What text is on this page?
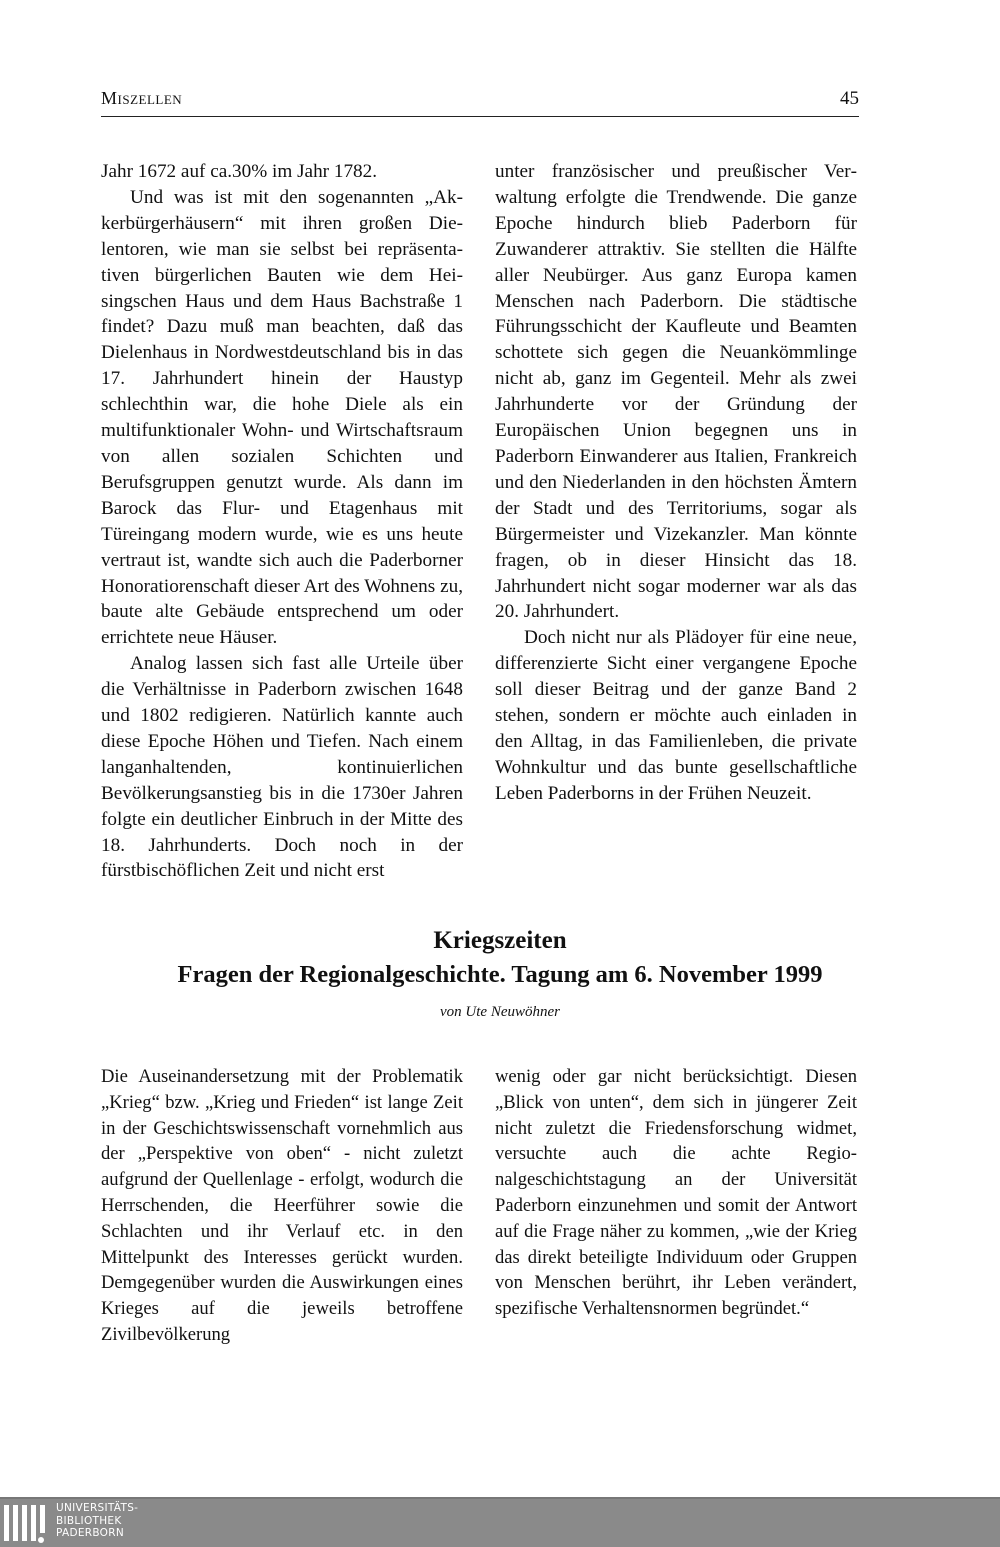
Miszellen	45

Jahr 1672 auf ca.30% im Jahr 1782.

Und was ist mit den sogenannten „Akkerbürgerhäusern“ mit ihren großen Dielentoren, wie man sie selbst bei repräsentativen bürgerlichen Bauten wie dem Heisingschen Haus und dem Haus Bachstraße 1 findet? Dazu muß man beachten, daß das Dielenhaus in Nordwestdeutschland bis in das 17. Jahrhundert hinein der Haustyp schlechthin war, die hohe Diele als ein multifunktionaler Wohn- und Wirtschaftsraum von allen sozialen Schichten und Berufsgruppen genutzt wurde. Als dann im Barock das Flur- und Etagenhaus mit Türeingang modern wurde, wie es uns heute vertraut ist, wandte sich auch die Paderborner Honoratiorenschaft dieser Art des Wohnens zu, baute alte Gebäude entsprechend um oder errichtete neue Häuser.

Analog lassen sich fast alle Urteile über die Verhältnisse in Paderborn zwischen 1648 und 1802 redigieren. Natürlich kannte auch diese Epoche Höhen und Tiefen. Nach einem langanhaltenden, kontinuierlichen Bevölkerungsanstieg bis in die 1730er Jahren folgte ein deutlicher Einbruch in der Mitte des 18. Jahrhunderts. Doch noch in der fürstbischöflichen Zeit und nicht erst

unter französischer und preußischer Verwaltung erfolgte die Trendwende. Die ganze Epoche hindurch blieb Paderborn für Zuwanderer attraktiv. Sie stellten die Hälfte aller Neubürger. Aus ganz Europa kamen Menschen nach Paderborn. Die städtische Führungsschicht der Kaufleute und Beamten schottete sich gegen die Neuankömmlinge nicht ab, ganz im Gegenteil. Mehr als zwei Jahrhunderte vor der Gründung der Europäischen Union begegnen uns in Paderborn Einwanderer aus Italien, Frankreich und den Niederlanden in den höchsten Ämtern der Stadt und des Territoriums, sogar als Bürgermeister und Vizekanzler. Man könnte fragen, ob in dieser Hinsicht das 18. Jahrhundert nicht sogar moderner war als das 20. Jahrhundert.

Doch nicht nur als Plädoyer für eine neue, differenzierte Sicht einer vergangene Epoche soll dieser Beitrag und der ganze Band 2 stehen, sondern er möchte auch einladen in den Alltag, in das Familienleben, die private Wohnkultur und das bunte gesellschaftliche Leben Paderborns in der Frühen Neuzeit.

Kriegszeiten
Fragen der Regionalgeschichte. Tagung am 6. November 1999
von Ute Neuwöhner

Die Auseinandersetzung mit der Problematik „Krieg“ bzw. „Krieg und Frieden“ ist lange Zeit in der Geschichtswissenschaft vornehmlich aus der „Perspektive von oben“ - nicht zuletzt aufgrund der Quellenlage - erfolgt, wodurch die Herrschenden, die Heerführer sowie die Schlachten und ihr Verlauf etc. in den Mittelpunkt des Interesses gerückt wurden. Demgegenüber wurden die Auswirkungen eines Krieges auf die jeweils betroffene Zivilbevölkerung

wenig oder gar nicht berücksichtigt. Diesen „Blick von unten“, dem sich in jüngerer Zeit nicht zuletzt die Friedensforschung widmet, versuchte auch die achte Regionalgeschichtstagung an der Universität Paderborn einzunehmen und somit der Antwort auf die Frage näher zu kommen, „wie der Krieg das direkt beteiligte Individuum oder Gruppen von Menschen berührt, ihr Leben verändert, spezifische Verhaltensnormen begründet.“

UNIVERSITÄTS-
BIBLIOTHEK
PADERBORN
